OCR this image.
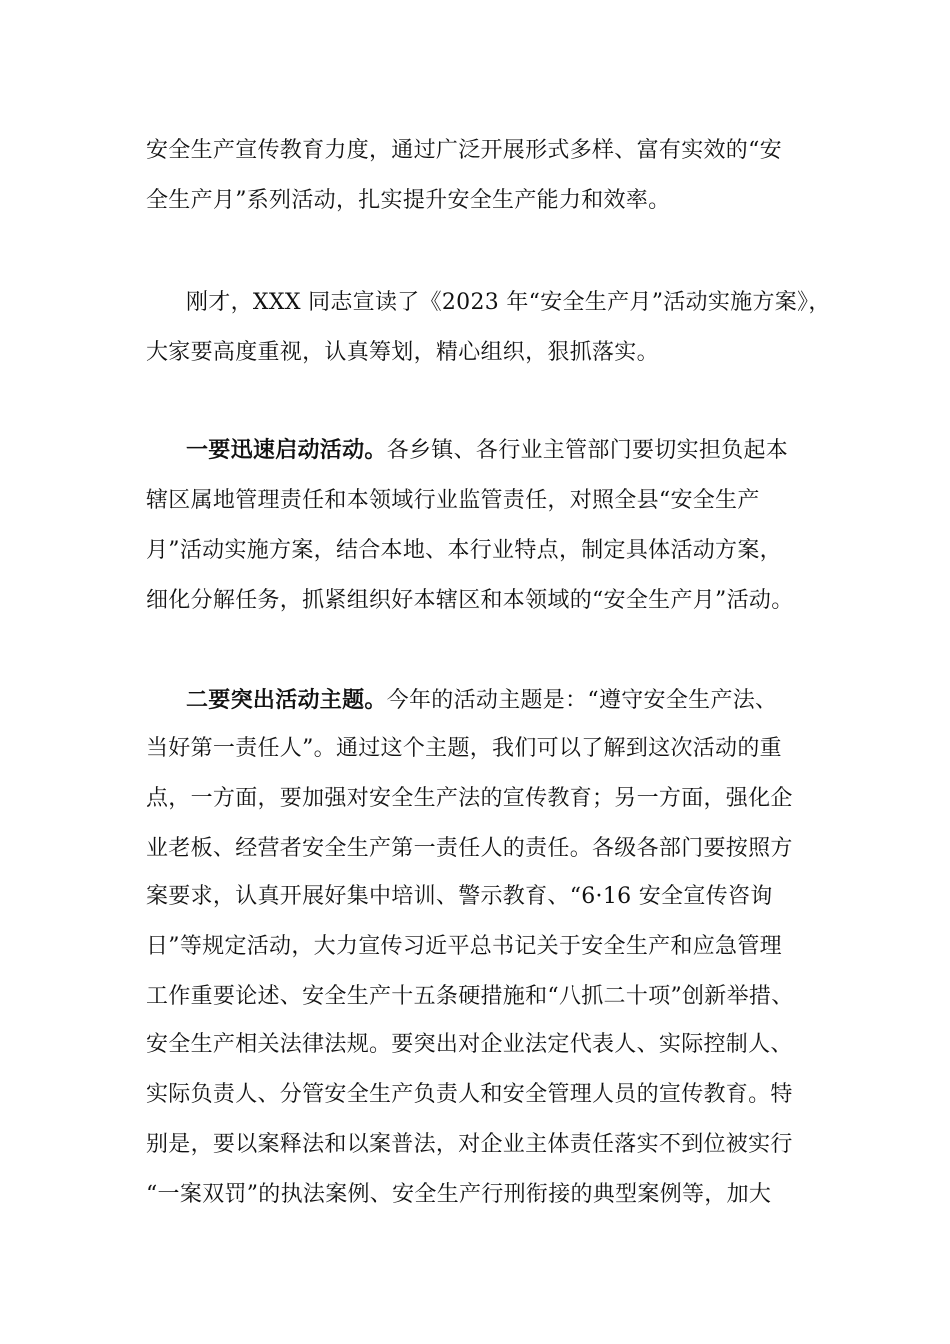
安全生产宣传教育力度，通过广泛开展形式多样、富有实效的“安
全生产月”系列活动，扎实提升安全生产能力和效率。
刚才，XXX 同志宣读了《2023 年“安全生产月”活动实施方案》，
大家要高度重视，认真筹划，精心组织，狠抓落实。
一要迅速启动活动。各乡镇、各行业主管部门要切实担负起本
辖区属地管理责任和本领域行业监管责任，对照全县“安全生产
月”活动实施方案，结合本地、本行业特点，制定具体活动方案，
细化分解任务，抓紧组织好本辖区和本领域的“安全生产月”活动。
二要突出活动主题。今年的活动主题是：“遵守安全生产法、
当好第一责任人”。通过这个主题，我们可以了解到这次活动的重
点，一方面，要加强对安全生产法的宣传教育；另一方面，强化企
业老板、经营者安全生产第一责任人的责任。各级各部门要按照方
案要求，认真开展好集中培训、警示教育、“6·16 安全宣传咨询
日”等规定活动，大力宣传习近平总书记关于安全生产和应急管理
工作重要论述、安全生产十五条硬措施和“八抓二十项”创新举措、
安全生产相关法律法规。要突出对企业法定代表人、实际控制人、
实际负责人、分管安全生产负责人和安全管理人员的宣传教育。特
别是，要以案释法和以案普法，对企业主体责任落实不到位被实行
“一案双罚”的执法案例、安全生产行刑衔接的典型案例等，加大
